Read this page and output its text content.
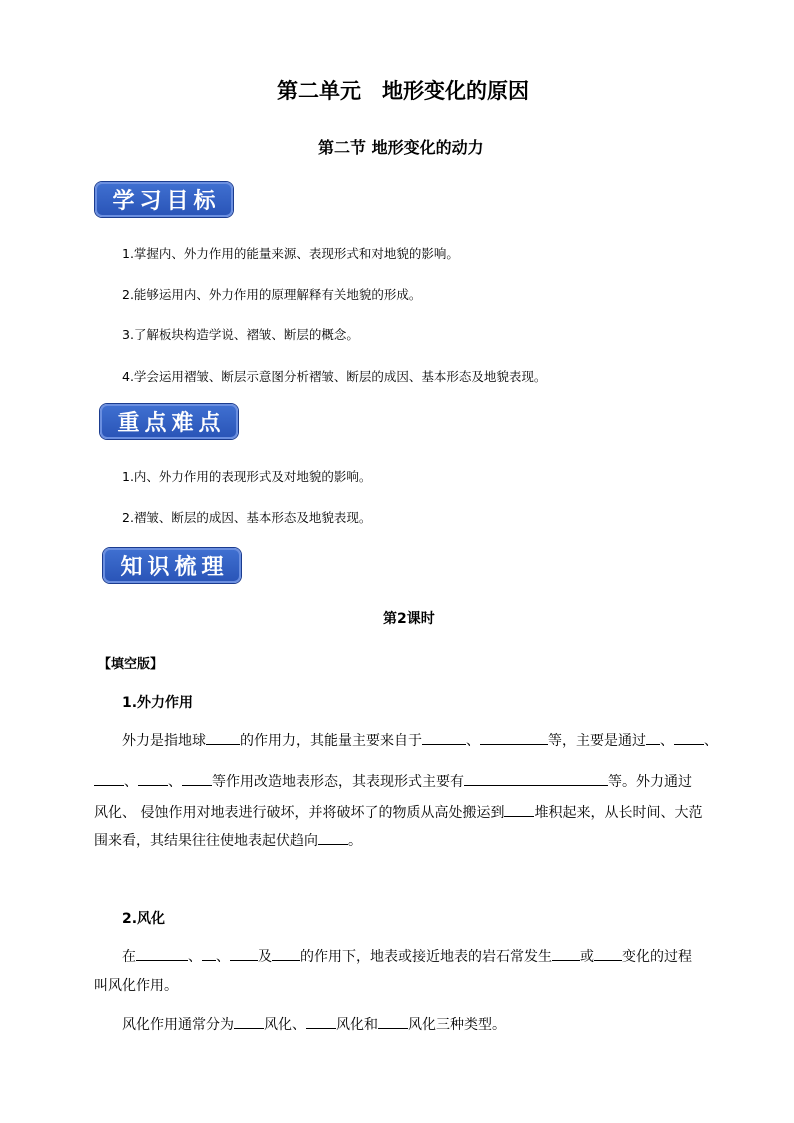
第二单元　地形变化的原因
第二节 地形变化的动力
学习目标
1.掌握内、外力作用的能量来源、表现形式和对地貌的影响。
2.能够运用内、外力作用的原理解释有关地貌的形成。
3.了解板块构造学说、褶皱、断层的概念。
4.学会运用褶皱、断层示意图分析褶皱、断层的成因、基本形态及地貌表现。
重点难点
1.内、外力作用的表现形式及对地貌的影响。
2.褶皱、断层的成因、基本形态及地貌表现。
知识梳理
第2课时
【填空版】
1.外力作用
外力是指地球 的作用力，其能量主要来自于	、	等，主要是通过 、 、
、 、 等作用改造地表形态，其表现形式主要有	等。外力通过
风化、 侵蚀作用对地表进行破坏，并将破坏了的物质从高处搬运到 堆积起来，从长时间、大范
围来看，其结果往往使地表起伏趋向 。
2.风化
在	、 、 及 的作用下，地表或接近地表的岩石常发生 或 变化的过程
叫风化作用。
风化作用通常分为 风化、 风化和 风化三种类型。
